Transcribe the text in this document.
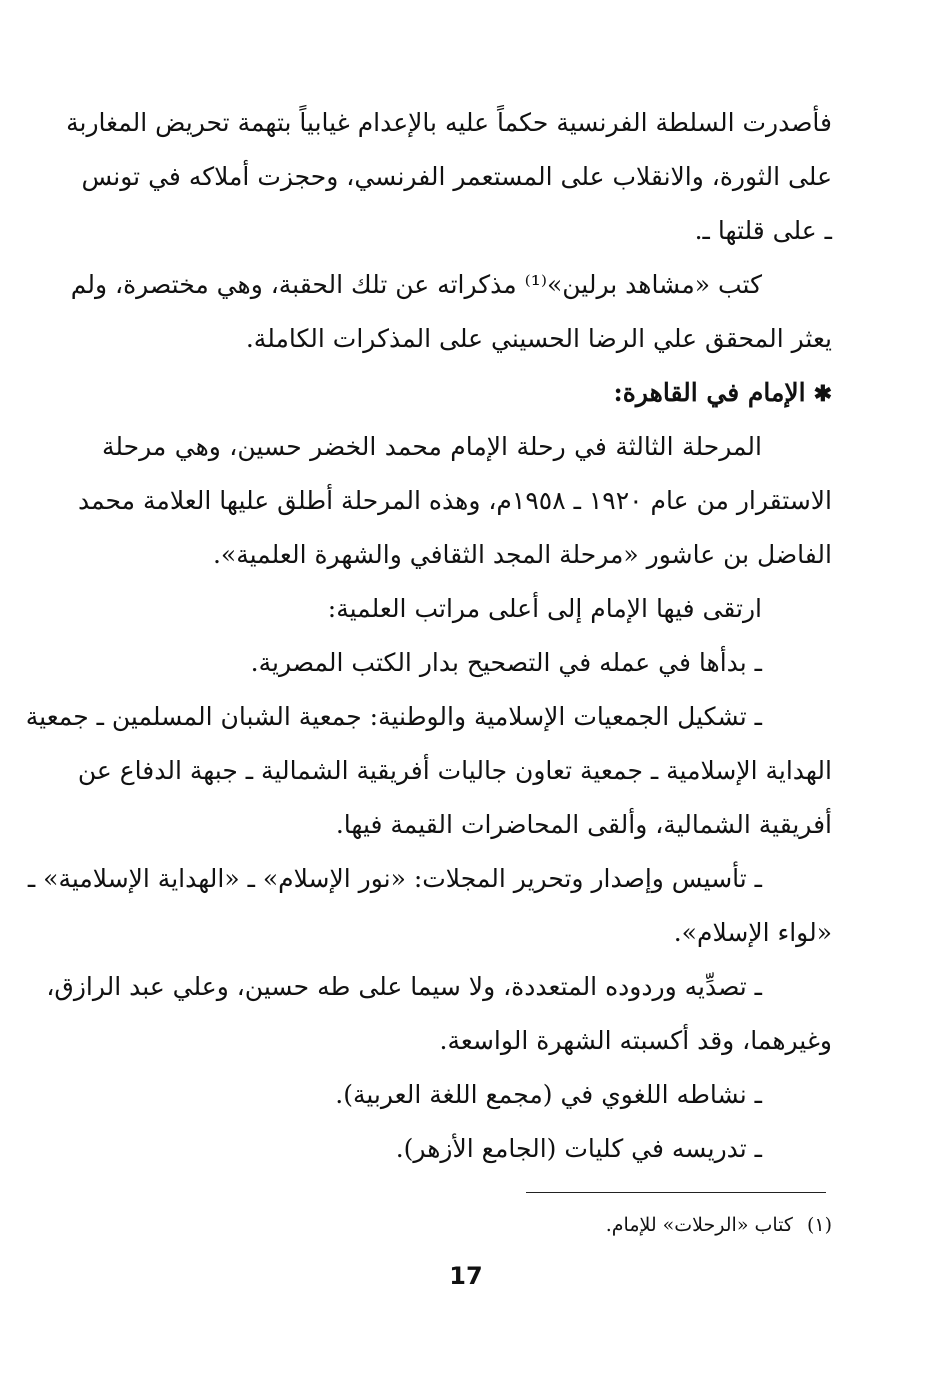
فأصدرت السلطة الفرنسية حكماً عليه بالإعدام غيابياً بتهمة تحريض المغاربة
على الثورة، والانقلاب على المستعمر الفرنسي، وحجزت أملاكه في تونس
ـ على قلتها ـ.
كتب «مشاهد برلين»⁽¹⁾ مذكراته عن تلك الحقبة، وهي مختصرة، ولم
يعثر المحقق علي الرضا الحسيني على المذكرات الكاملة.
✱الإمام في القاهرة:
المرحلة الثالثة في رحلة الإمام محمد الخضر حسين، وهي مرحلة
الاستقرار من عام ١٩٢٠ ـ ١٩٥٨م، وهذه المرحلة أطلق عليها العلامة محمد
الفاضل بن عاشور «مرحلة المجد الثقافي والشهرة العلمية».
ارتقى فيها الإمام إلى أعلى مراتب العلمية:
ـ بدأها في عمله في التصحيح بدار الكتب المصرية.
ـ تشكيل الجمعيات الإسلامية والوطنية: جمعية الشبان المسلمين ـ جمعية
الهداية الإسلامية ـ جمعية تعاون جاليات أفريقية الشمالية ـ جبهة الدفاع عن
أفريقية الشمالية، وألقى المحاضرات القيمة فيها.
ـ تأسيس وإصدار وتحرير المجلات: «نور الإسلام» ـ «الهداية الإسلامية» ـ
«لواء الإسلام».
ـ تصدِّيه وردوده المتعددة، ولا سيما على طه حسين، وعلي عبد الرازق،
وغيرهما، وقد أكسبته الشهرة الواسعة.
ـ نشاطه اللغوي في (مجمع اللغة العربية).
ـ تدريسه في كليات (الجامع الأزهر).
(١)كتاب «الرحلات» للإمام.
17
